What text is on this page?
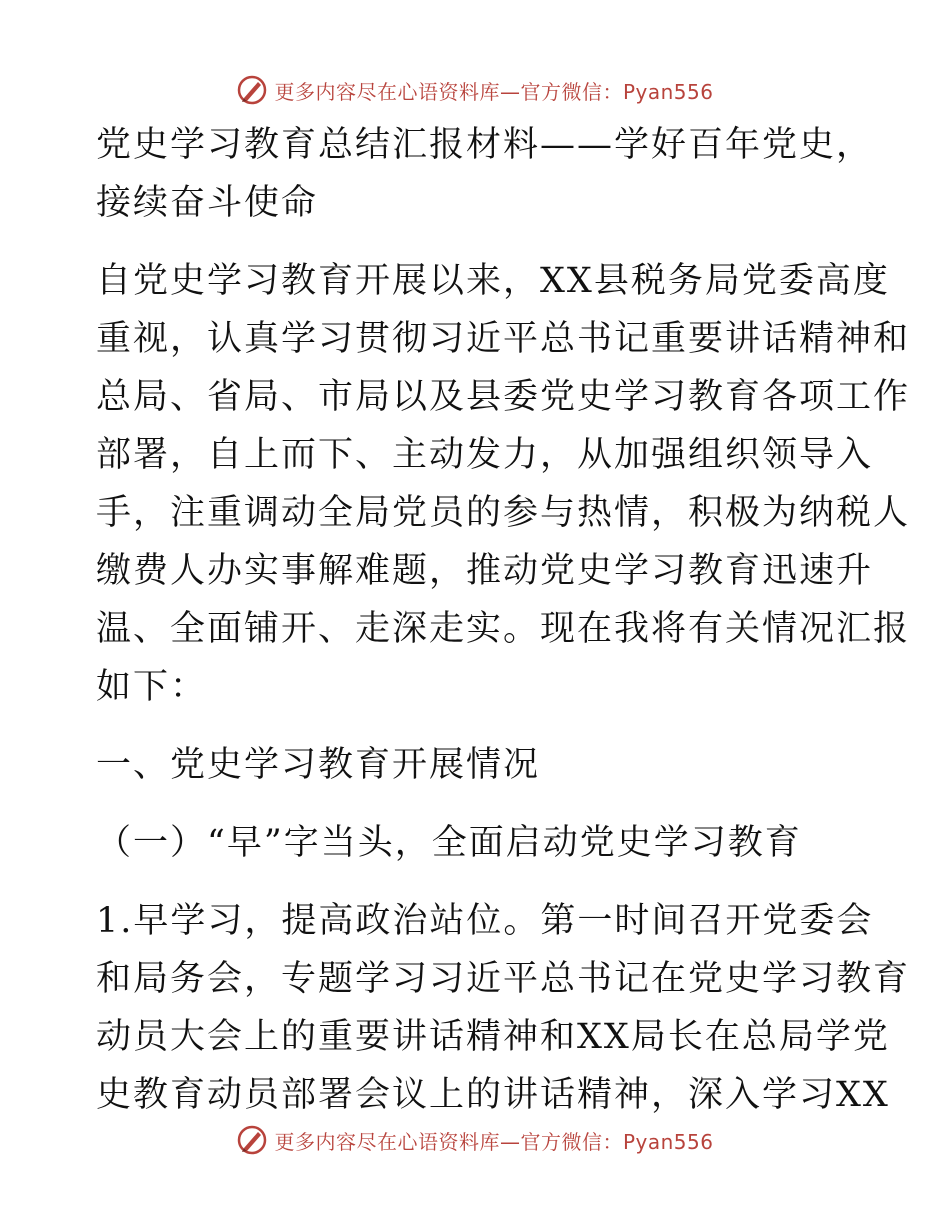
更多内容尽在心语资料库—官方微信：Pyan556
党史学习教育总结汇报材料——学好百年党史，
接续奋斗使命
自党史学习教育开展以来，XX县税务局党委高度
重视，认真学习贯彻习近平总书记重要讲话精神和
总局、省局、市局以及县委党史学习教育各项工作
部署，自上而下、主动发力，从加强组织领导入
手，注重调动全局党员的参与热情，积极为纳税人
缴费人办实事解难题，推动党史学习教育迅速升
温、全面铺开、走深走实。现在我将有关情况汇报
如下：
一、党史学习教育开展情况
（一）“早”字当头，全面启动党史学习教育
1.早学习，提高政治站位。第一时间召开党委会
和局务会，专题学习习近平总书记在党史学习教育
动员大会上的重要讲话精神和XX局长在总局学党
史教育动员部署会议上的讲话精神，深入学习XX
更多内容尽在心语资料库—官方微信：Pyan556
